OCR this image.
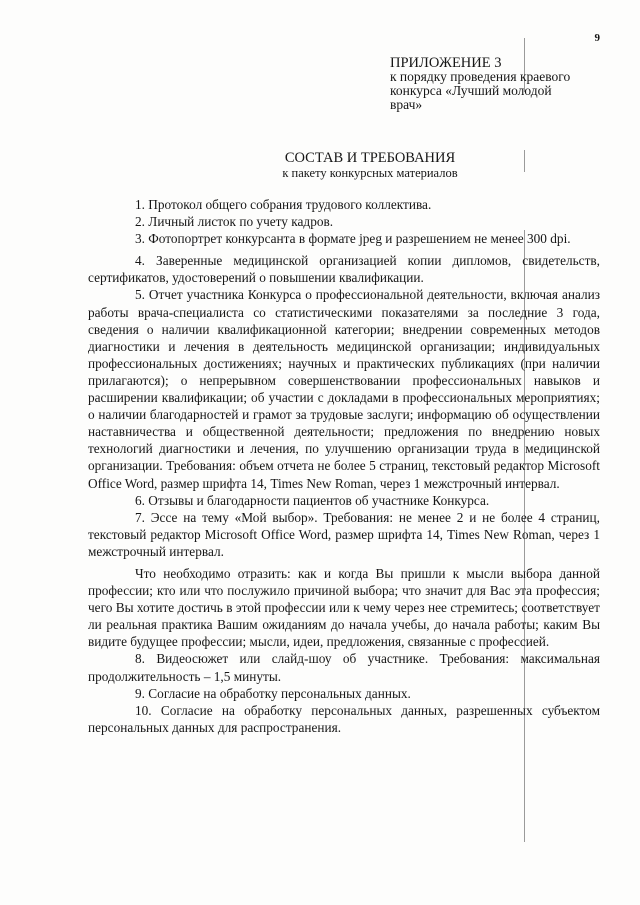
9
ПРИЛОЖЕНИЕ 3
к порядку проведения краевого
конкурса «Лучший молодой
врач»
СОСТАВ И ТРЕБОВАНИЯ
к пакету конкурсных материалов

1. Протокол общего собрания трудового коллектива.

2. Личный листок по учету кадров.

3. Фотопортрет конкурсанта в формате jpeg и разрешением не менее 300 dpi.

4. Заверенные медицинской организацией копии дипломов, свидетельств, сертификатов, удостоверений о повышении квалификации.

5. Отчет участника Конкурса о профессиональной деятельности, включая анализ работы врача-специалиста со статистическими показателями за последние 3 года, сведения о наличии квалификационной категории; внедрении современных методов диагностики и лечения в деятельность медицинской организации; индивидуальных профессиональных достижениях; научных и практических публикациях (при наличии прилагаются); о непрерывном совершенствовании профессиональных навыков и расширении квалификации; об участии с докладами в профессиональных мероприятиях; о наличии благодарностей и грамот за трудовые заслуги; информацию об осуществлении наставничества и общественной деятельности; предложения по внедрению новых технологий диагностики и лечения, по улучшению организации труда в медицинской организации. Требования: объем отчета не более 5 страниц, текстовый редактор Microsoft Office Word, размер шрифта 14, Times New Roman, через 1 межстрочный интервал.

6. Отзывы и благодарности пациентов об участнике Конкурса.

7. Эссе на тему «Мой выбор». Требования: не менее 2 и не более 4 страниц, текстовый редактор Microsoft Office Word, размер шрифта 14, Times New Roman, через 1 межстрочный интервал.

Что необходимо отразить: как и когда Вы пришли к мысли выбора данной профессии; кто или что послужило причиной выбора; что значит для Вас эта профессия; чего Вы хотите достичь в этой профессии или к чему через нее стремитесь; соответствует ли реальная практика Вашим ожиданиям до начала учебы, до начала работы; каким Вы видите будущее профессии; мысли, идеи, предложения, связанные с профессией.

8. Видеосюжет или слайд-шоу об участнике. Требования: максимальная продолжительность – 1,5 минуты.

9. Согласие на обработку персональных данных.

10. Согласие на обработку персональных данных, разрешенных субъектом персональных данных для распространения.
